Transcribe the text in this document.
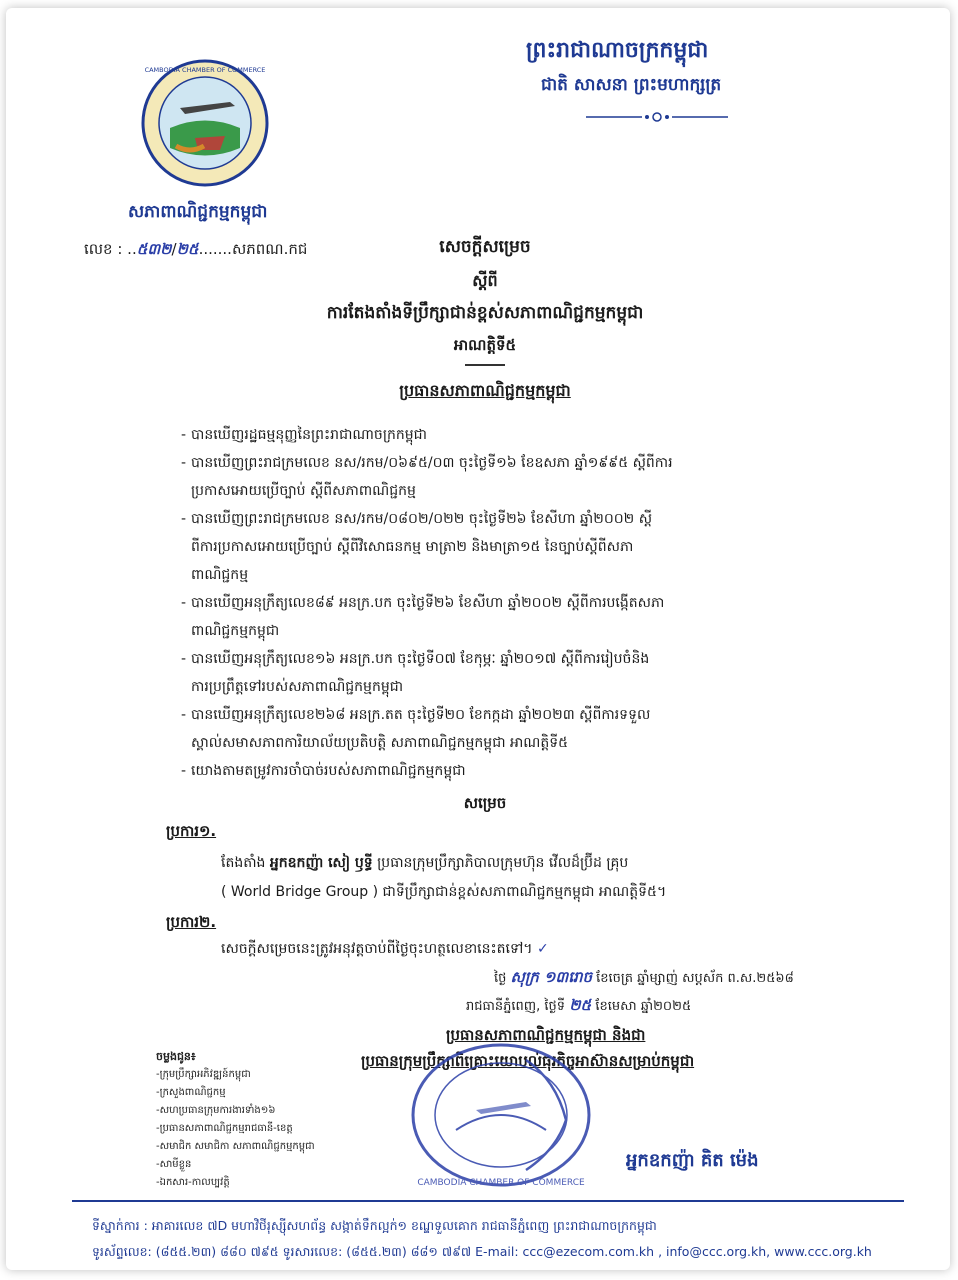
ព្រះរាជាណាចក្រកម្ពុជា
ជាតិ សាសនា ព្រះមហាក្សត្រ
CAMBODIA CHAMBER OF COMMERCE
សភាពាណិជ្ជកម្មកម្ពុជា
លេខ : ..៥៣២/២៥.......សភពណ.កជ	សេចក្ដីសម្រេច
ស្ដីពី
ការតែងតាំងទីប្រឹក្សាជាន់ខ្ពស់សភាពាណិជ្ជកម្មកម្ពុជា
អាណត្តិទី៥
ប្រធានសភាពាណិជ្ជកម្មកម្ពុជា
- បានឃើញរដ្ឋធម្មនុញ្ញនៃព្រះរាជាណាចក្រកម្ពុជា
- បានឃើញព្រះរាជក្រមលេខ នស/រកម/០៦៩៥/០៣ ចុះថ្ងៃទី១៦ ខែឧសភា ឆ្នាំ១៩៩៥ ស្ដីពីការ
ប្រកាសអោយប្រើច្បាប់ ស្ដីពីសភាពាណិជ្ជកម្ម
- បានឃើញព្រះរាជក្រមលេខ នស/រកម/០៨០២/០២២ ចុះថ្ងៃទី២៦ ខែសីហា ឆ្នាំ២០០២ ស្ដី
ពីការប្រកាសអោយប្រើច្បាប់ ស្ដីពីវិសោធនកម្ម មាត្រា២ និងមាត្រា១៥ នៃច្បាប់ស្ដីពីសភា
ពាណិជ្ជកម្ម
- បានឃើញអនុក្រឹត្យលេខ៨៩ អនក្រ.បក ចុះថ្ងៃទី២៦ ខែសីហា ឆ្នាំ២០០២ ស្ដីពីការបង្កើតសភា
ពាណិជ្ជកម្មកម្ពុជា
- បានឃើញអនុក្រឹត្យលេខ១៦ អនក្រ.បក ចុះថ្ងៃទី០៧ ខែកុម្ភៈ ឆ្នាំ២០១៧ ស្ដីពីការរៀបចំនិង
ការប្រព្រឹត្តទៅរបស់សភាពាណិជ្ជកម្មកម្ពុជា
- បានឃើញអនុក្រឹត្យលេខ២៦៨ អនក្រ.តត ចុះថ្ងៃទី២០ ខែកក្កដា ឆ្នាំ២០២៣ ស្ដីពីការទទួល
ស្គាល់សមាសភាពការិយាល័យប្រតិបត្តិ សភាពាណិជ្ជកម្មកម្ពុជា អាណត្តិទី៥
- យោងតាមតម្រូវការចាំបាច់របស់សភាពាណិជ្ជកម្មកម្ពុជា
សម្រេច
ប្រការ១.
តែងតាំង អ្នកឧកញ៉ា សៀ ឫទ្ធី ប្រធានក្រុមប្រឹក្សាភិបាលក្រុមហ៊ុន វើលដ៏ប្រ៊ីដ គ្រុប
( World Bridge Group ) ជាទីប្រឹក្សាជាន់ខ្ពស់សភាពាណិជ្ជកម្មកម្ពុជា អាណត្តិទី៥។
ប្រការ២.
សេចក្ដីសម្រេចនេះត្រូវអនុវត្តចាប់ពីថ្ងៃចុះហត្ថលេខានេះតទៅ។ ✓
ថ្ងៃ សុក្រ ១៣រោច ខែចេត្រ ឆ្នាំម្សាញ់ សប្តស័ក ព.ស.២៥៦៨
រាជធានីភ្នំពេញ, ថ្ងៃទី ២៥ ខែមេសា ឆ្នាំ២០២៥
ប្រធានសភាពាណិជ្ជកម្មកម្ពុជា និងជា
ប្រធានក្រុមប្រឹក្សាពិគ្រោះយោបល់ធុរកិច្ចអាស៊ានសម្រាប់កម្ពុជា
CAMBODIA CHAMBER OF COMMERCE
អ្នកឧកញ៉ា គិត ម៉េង
ចម្លងជូន៖
-ក្រុមប្រឹក្សាអភិវឌ្ឍន៍កម្ពុជា
-ក្រសួងពាណិជ្ជកម្ម
-សហប្រធានក្រុមការងារទាំង១៦
-ប្រធានសភាពាណិជ្ជកម្មរាជធានី-ខេត្ត
-សមាជិក សមាជិកា សភាពាណិជ្ជកម្មកម្ពុជា
-សាមីខ្លួន
-ឯកសារ-កាលប្បវត្តិ
ទីស្នាក់ការ : អាគារលេខ ៧D មហាវិថីរុស្ស៊ីសហព័ន្ធ សង្កាត់ទឹកល្អក់១ ខណ្ឌទួលគោក រាជធានីភ្នំពេញ ព្រះរាជាណាចក្រកម្ពុជា
ទូរស័ព្ទលេខ: (៨៥៥.២៣) ៨៨០ ៧៩៥ ទូរសារលេខ: (៨៥៥.២៣) ៨៨១ ៧៩៧ E-mail: ccc@ezecom.com.kh , info@ccc.org.kh, www.ccc.org.kh
